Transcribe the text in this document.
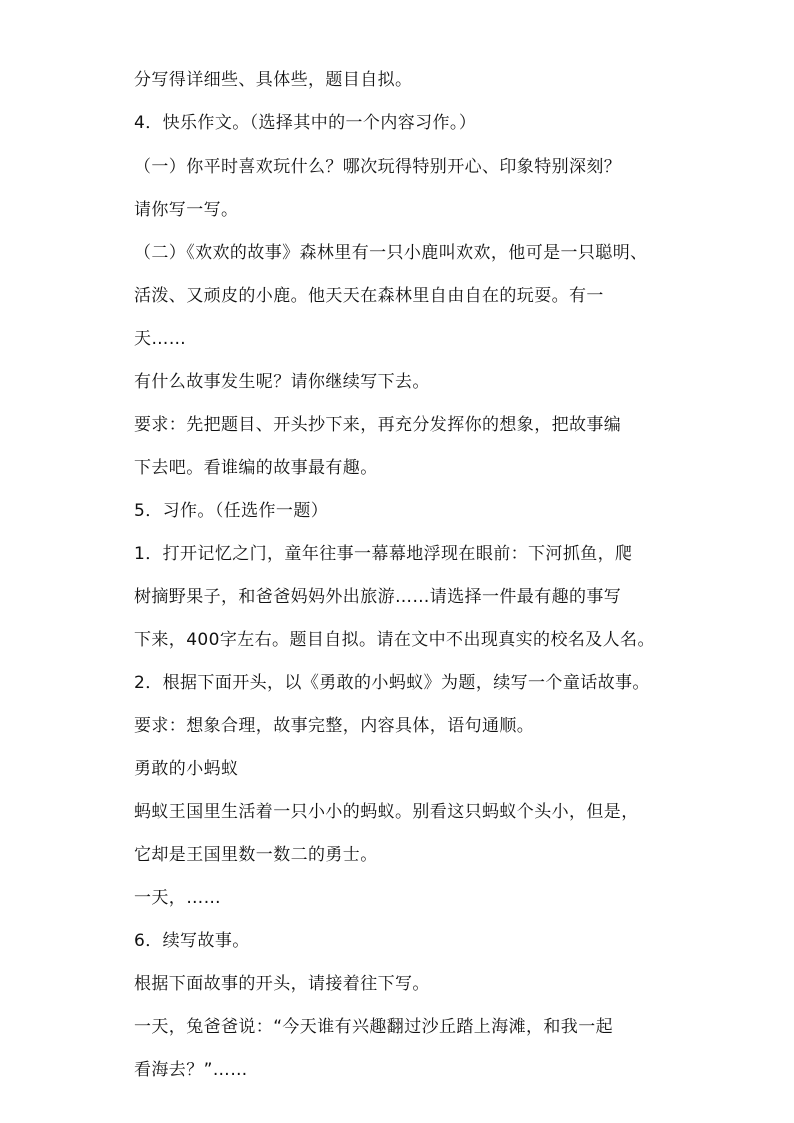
分写得详细些、具体些，题目自拟。
4．快乐作文。（选择其中的一个内容习作。）
（一）你平时喜欢玩什么？哪次玩得特别开心、印象特别深刻？
请你写一写。
（二）《欢欢的故事》森林里有一只小鹿叫欢欢，他可是一只聪明、
活泼、又顽皮的小鹿。他天天在森林里自由自在的玩耍。有一
天……
有什么故事发生呢？请你继续写下去。
要求：先把题目、开头抄下来，再充分发挥你的想象，把故事编
下去吧。看谁编的故事最有趣。
5．习作。（任选作一题）
1．打开记忆之门，童年往事一幕幕地浮现在眼前：下河抓鱼，爬
树摘野果子，和爸爸妈妈外出旅游……请选择一件最有趣的事写
下来，400字左右。题目自拟。请在文中不出现真实的校名及人名。
2．根据下面开头，以《勇敢的小蚂蚁》为题，续写一个童话故事。
要求：想象合理，故事完整，内容具体，语句通顺。
勇敢的小蚂蚁
蚂蚁王国里生活着一只小小的蚂蚁。别看这只蚂蚁个头小，但是，
它却是王国里数一数二的勇士。
一天，……
6．续写故事。
根据下面故事的开头，请接着往下写。
一天，兔爸爸说：“今天谁有兴趣翻过沙丘踏上海滩，和我一起
看海去？”……
